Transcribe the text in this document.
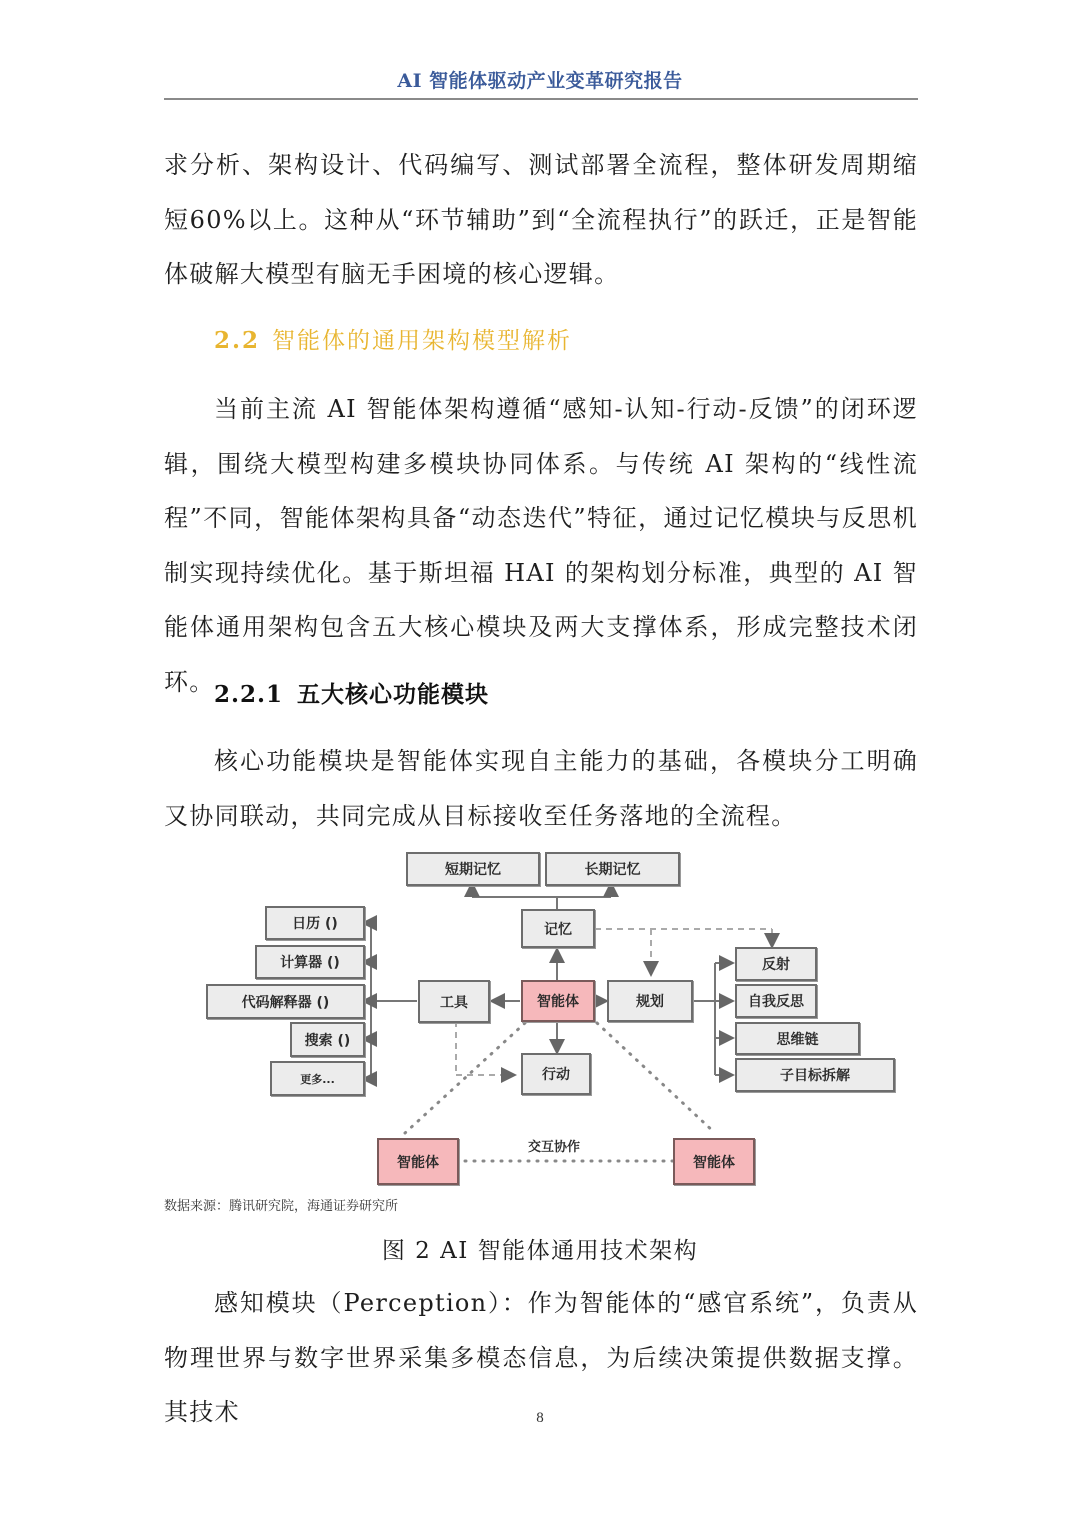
AI 智能体驱动产业变革研究报告
求分析、架构设计、代码编写、测试部署全流程，整体研发周期缩短60%以上。这种从“环节辅助”到“全流程执行”的跃迁，正是智能体破解大模型有脑无手困境的核心逻辑。
2.2 智能体的通用架构模型解析
当前主流 AI 智能体架构遵循“感知-认知-行动-反馈”的闭环逻辑，围绕大模型构建多模块协同体系。与传统 AI 架构的“线性流程”不同，智能体架构具备“动态迭代”特征，通过记忆模块与反思机制实现持续优化。基于斯坦福 HAI 的架构划分标准，典型的 AI 智能体通用架构包含五大核心模块及两大支撑体系，形成完整技术闭环。 2.2.1 五大核心功能模块
核心功能模块是智能体实现自主能力的基础，各模块分工明确又协同联动，共同完成从目标接收至任务落地的全流程。
短期记忆	长期记忆
记忆
日历 ()
计算器 ()
代码解释器 ()
搜索 ()
更多...
工具	智能体	规划
行动
反射
自我反思
思维链
子目标拆解
智能体	智能体
交互协作
数据来源：腾讯研究院，海通证券研究所
图 2 AI 智能体通用技术架构
感知模块（Perception）：作为智能体的“感官系统”，负责从物理世界与数字世界采集多模态信息，为后续决策提供数据支撑。其技术	8
